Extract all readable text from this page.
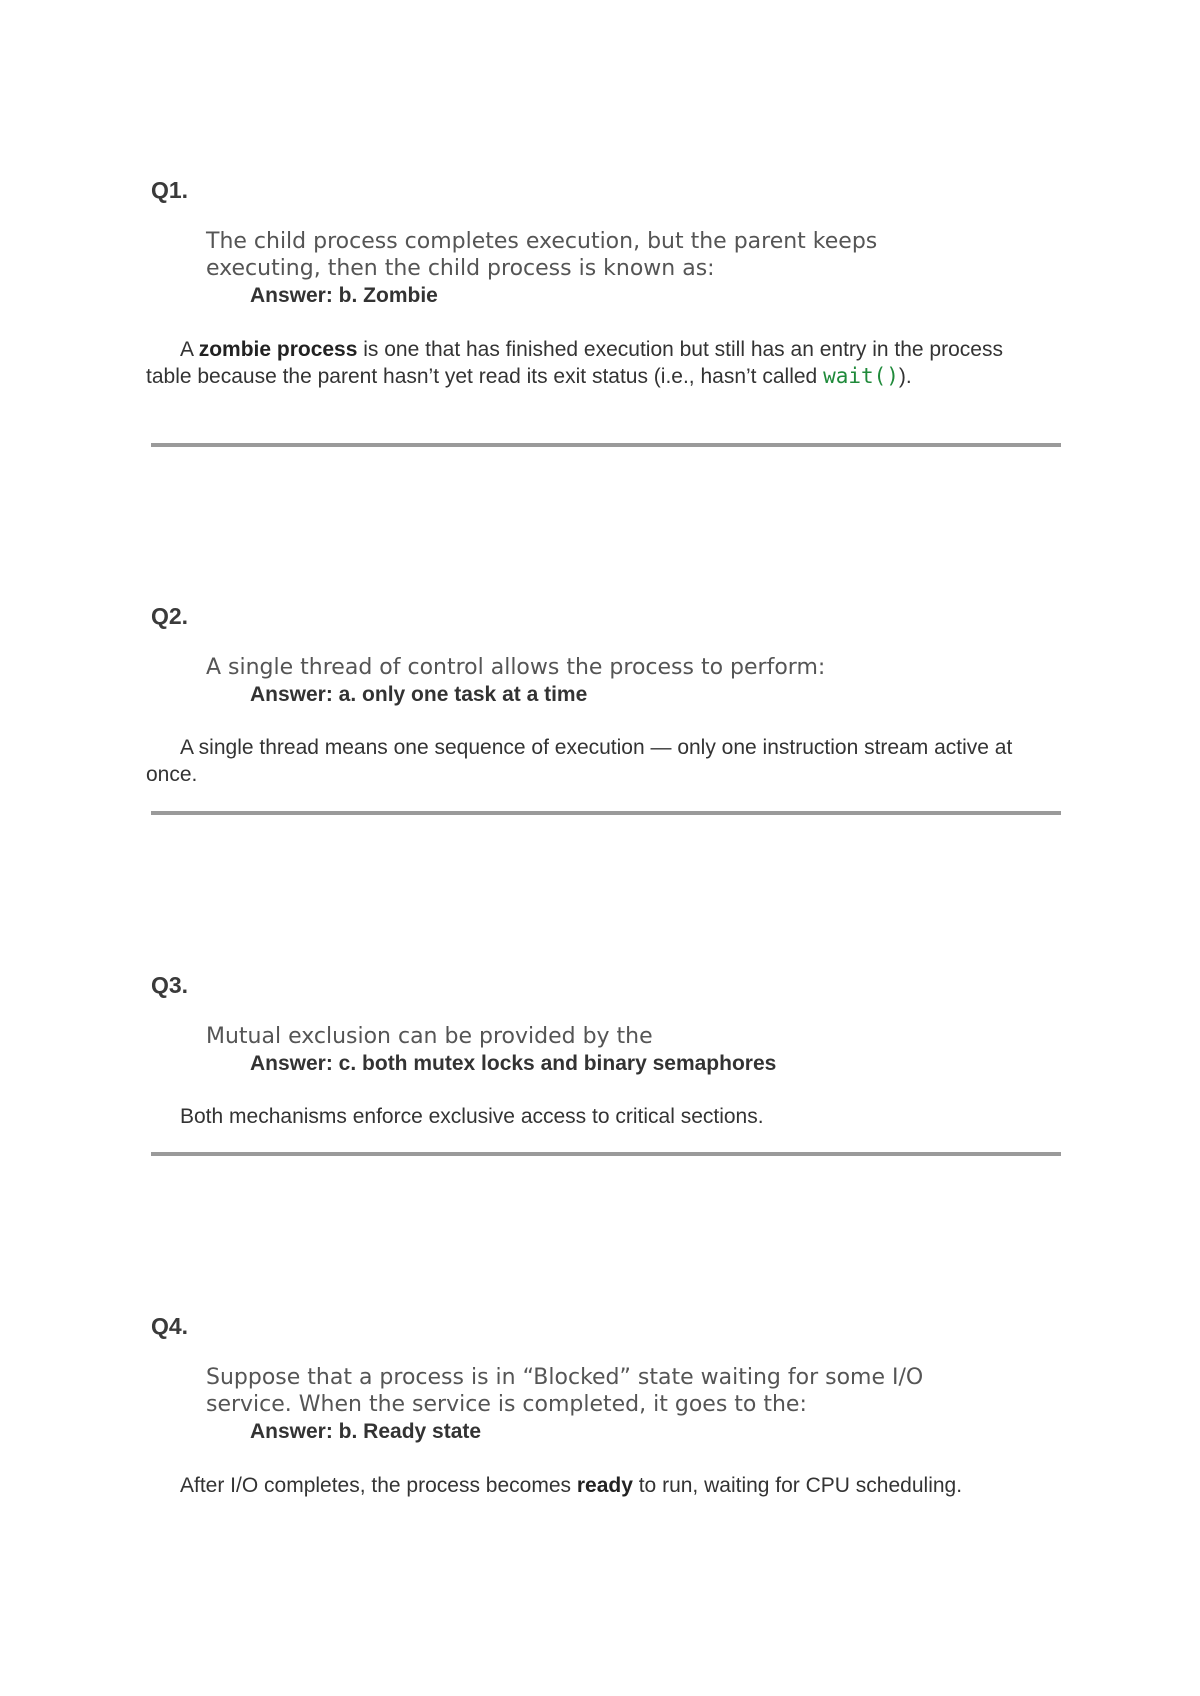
Q1.

The child process completes execution, but the parent keeps executing, then the child process is known as:

Answer: b. Zombie

A zombie process is one that has finished execution but still has an entry in the process table because the parent hasn’t yet read its exit status (i.e., hasn’t called wait()).

Q2.

A single thread of control allows the process to perform:

Answer: a. only one task at a time

A single thread means one sequence of execution — only one instruction stream active at once.

Q3.

Mutual exclusion can be provided by the

Answer: c. both mutex locks and binary semaphores

Both mechanisms enforce exclusive access to critical sections.

Q4.

Suppose that a process is in “Blocked” state waiting for some I/O service. When the service is completed, it goes to the:

Answer: b. Ready state

After I/O completes, the process becomes ready to run, waiting for CPU scheduling.
